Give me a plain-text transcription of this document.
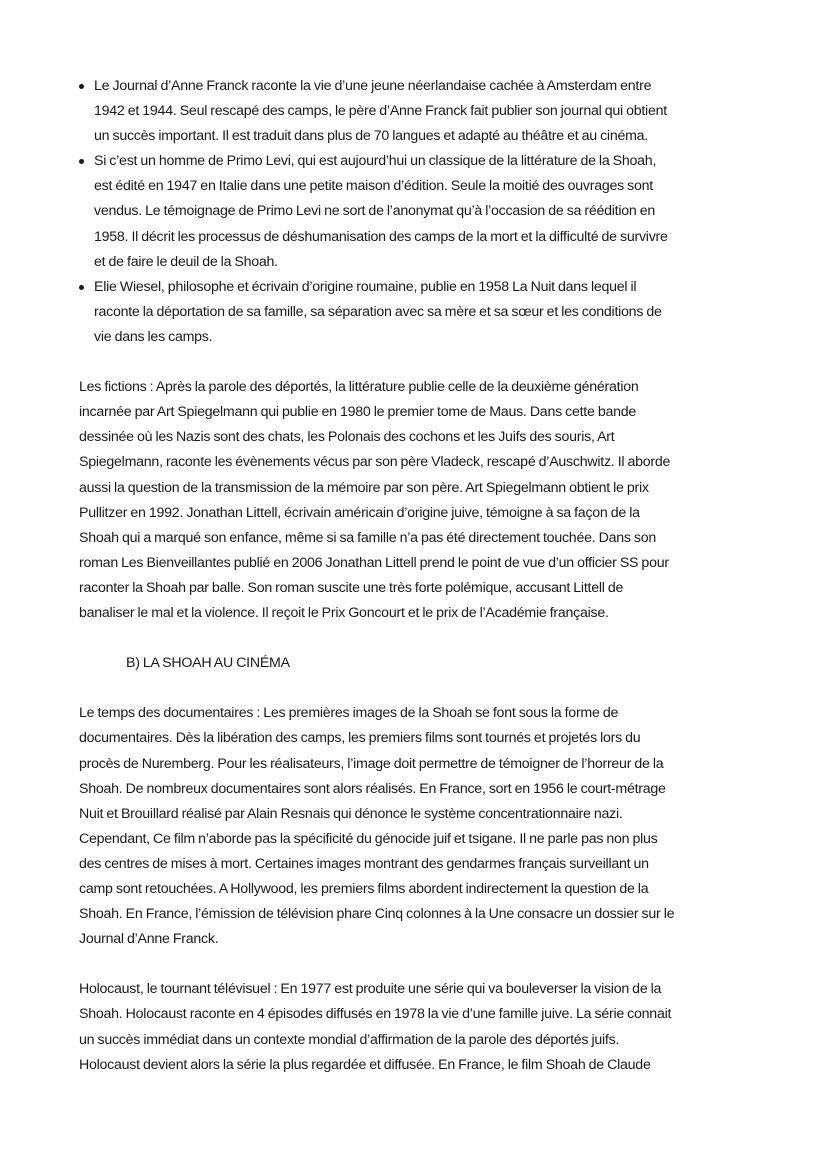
Le Journal d’Anne Franck raconte la vie d’une jeune néerlandaise cachée à Amsterdam entre
1942 et 1944. Seul rescapé des camps, le père d’Anne Franck fait publier son journal qui obtient
un succès important. Il est traduit dans plus de 70 langues et adapté au théâtre et au cinéma.
Si c’est un homme de Primo Levi, qui est aujourd’hui un classique de la littérature de la Shoah,
est édité en 1947 en Italie dans une petite maison d’édition. Seule la moitié des ouvrages sont
vendus. Le témoignage de Primo Levi ne sort de l’anonymat qu’à l’occasion de sa réédition en
1958. Il décrit les processus de déshumanisation des camps de la mort et la difficulté de survivre
et de faire le deuil de la Shoah.
Elie Wiesel, philosophe et écrivain d’origine roumaine, publie en 1958 La Nuit dans lequel il
raconte la déportation de sa famille, sa séparation avec sa mère et sa sœur et les conditions de
vie dans les camps.
Les fictions : Après la parole des déportés, la littérature publie celle de la deuxième génération
incarnée par Art Spiegelmann qui publie en 1980 le premier tome de Maus. Dans cette bande
dessinée où les Nazis sont des chats, les Polonais des cochons et les Juifs des souris, Art
Spiegelmann, raconte les évènements vécus par son père Vladeck, rescapé d’Auschwitz. Il aborde
aussi la question de la transmission de la mémoire par son père. Art Spiegelmann obtient le prix
Pullitzer en 1992. Jonathan Littell, écrivain américain d’origine juive, témoigne à sa façon de la
Shoah qui a marqué son enfance, même si sa famille n’a pas été directement touchée. Dans son
roman Les Bienveillantes publié en 2006 Jonathan Littell prend le point de vue d’un officier SS pour
raconter la Shoah par balle. Son roman suscite une très forte polémique, accusant Littell de
banaliser le mal et la violence. Il reçoit le Prix Goncourt et le prix de l’Académie française.
B) LA SHOAH AU CINÉMA
Le temps des documentaires : Les premières images de la Shoah se font sous la forme de
documentaires. Dès la libération des camps, les premiers films sont tournés et projetés lors du
procès de Nuremberg. Pour les réalisateurs, l’image doit permettre de témoigner de l’horreur de la
Shoah. De nombreux documentaires sont alors réalisés. En France, sort en 1956 le court-métrage
Nuit et Brouillard réalisé par Alain Resnais qui dénonce le système concentrationnaire nazi.
Cependant, Ce film n’aborde pas la spécificité du génocide juif et tsigane. Il ne parle pas non plus
des centres de mises à mort. Certaines images montrant des gendarmes français surveillant un
camp sont retouchées. A Hollywood, les premiers films abordent indirectement la question de la
Shoah. En France, l’émission de télévision phare Cinq colonnes à la Une consacre un dossier sur le
Journal d’Anne Franck.
Holocaust, le tournant télévisuel : En 1977 est produite une série qui va bouleverser la vision de la
Shoah. Holocaust raconte en 4 épisodes diffusés en 1978 la vie d’une famille juive. La série connait
un succès immédiat dans un contexte mondial d’affirmation de la parole des déportés juifs.
Holocaust devient alors la série la plus regardée et diffusée. En France, le film Shoah de Claude
